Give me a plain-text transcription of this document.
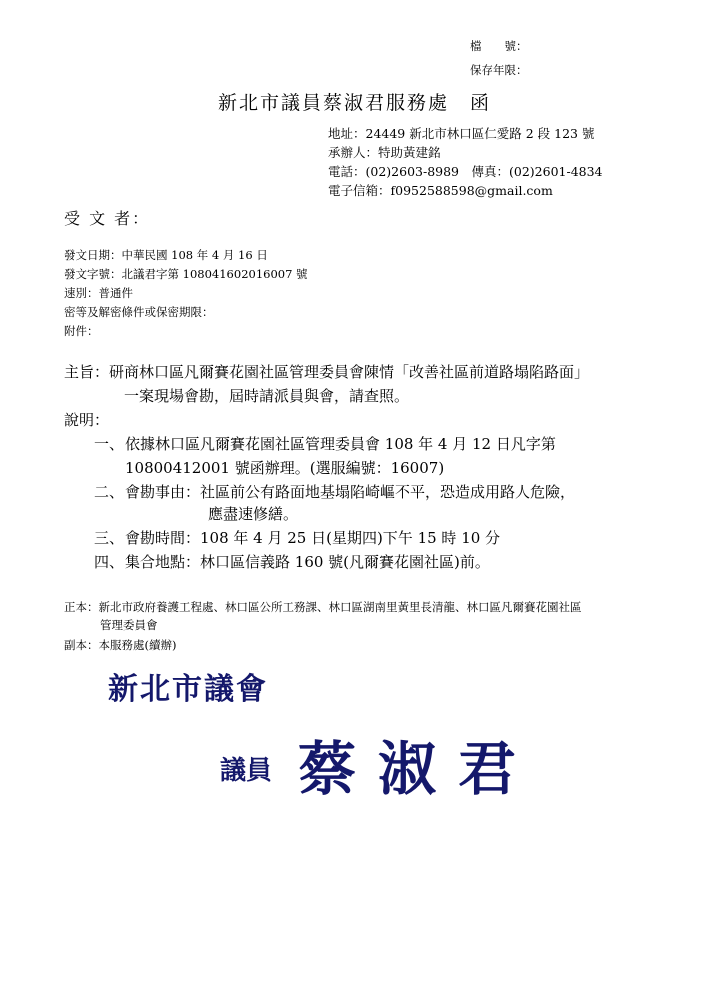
檔　　號：
保存年限：
新北市議員蔡淑君服務處　函
地址：24449 新北市林口區仁愛路 2 段 123 號
承辦人：特助黃建銘
電話：(02)2603-8989　傳真：(02)2601-4834
電子信箱：f0952588598@gmail.com
受 文 者：
發文日期：中華民國 108 年 4 月 16 日
發文字號：北議君字第 108041602016007 號
速別：普通件
密等及解密條件或保密期限：
附件：
主旨：研商林口區凡爾賽花園社區管理委員會陳情「改善社區前道路塌陷路面」
一案現場會勘，屆時請派員與會，請查照。
說明：
一、 依據林口區凡爾賽花園社區管理委員會 108 年 4 月 12 日凡字第
10800412001 號函辦理。(選服編號：16007)
二、 會勘事由：社區前公有路面地基塌陷崎嶇不平，恐造成用路人危險，
應盡速修繕。
三、 會勘時間：108 年 4 月 25 日(星期四)下午 15 時 10 分
四、 集合地點：林口區信義路 160 號(凡爾賽花園社區)前。
正本：新北市政府養護工程處、林口區公所工務課、林口區湖南里黃里長清龍、林口區凡爾賽花園社區
管理委員會
副本：本服務處(續辦)
新北市議會
議員 蔡淑君
